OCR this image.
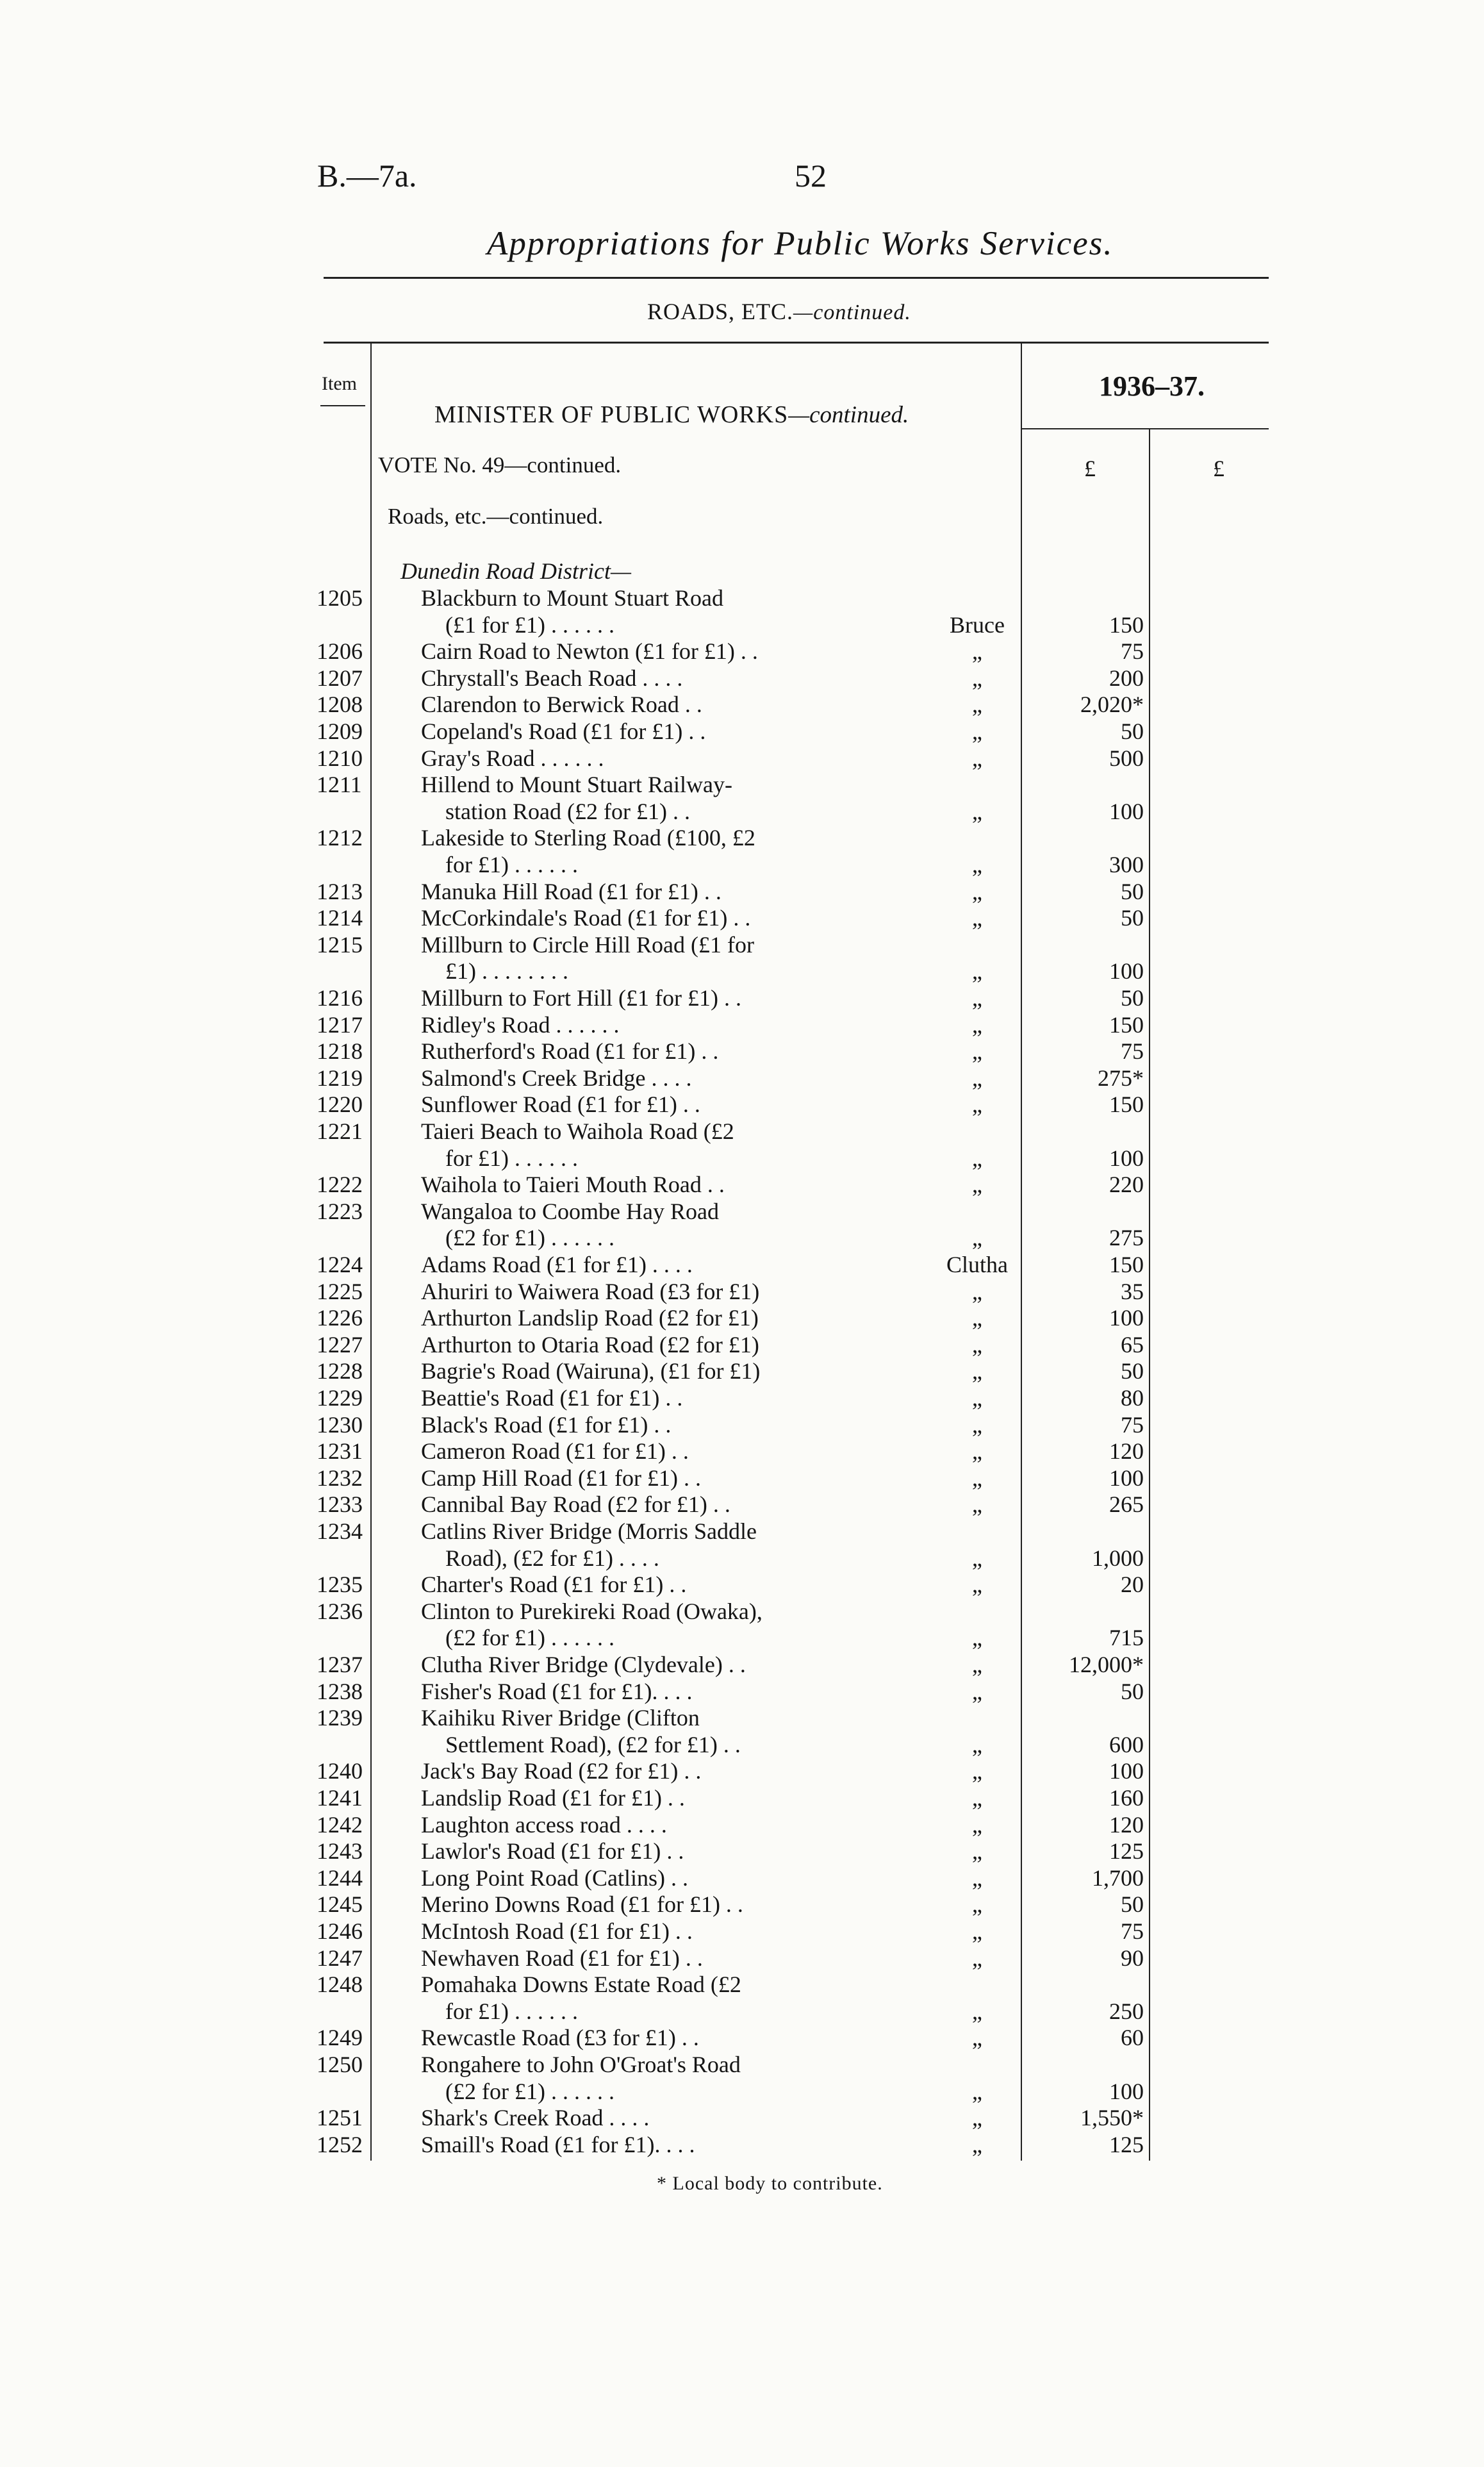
B.—7a.	52
Appropriations for Public Works Services.
ROADS, ETC.—continued.
Item	1936–37.
MINISTER OF PUBLIC WORKS—continued.
VOTE No. 49—continued.	£	£
Roads, etc.—continued.
Dunedin Road District—
1205	Blackburn to Mount Stuart Road
(£1 for £1) . . . . . .	Bruce	150
1206	Cairn Road to Newton (£1 for £1) . .	„	75
1207	Chrystall's Beach Road . . . .	„	200
1208	Clarendon to Berwick Road . .	„	2,020*
1209	Copeland's Road (£1 for £1) . .	„	50
1210	Gray's Road . . . . . .	„	500
1211	Hillend to Mount Stuart Railway-
station Road (£2 for £1) . .	„	100
1212	Lakeside to Sterling Road (£100, £2
for £1) . . . . . .	„	300
1213	Manuka Hill Road (£1 for £1) . .	„	50
1214	McCorkindale's Road (£1 for £1) . .	„	50
1215	Millburn to Circle Hill Road (£1 for
£1) . . . . . . . .	„	100
1216	Millburn to Fort Hill (£1 for £1) . .	„	50
1217	Ridley's Road . . . . . .	„	150
1218	Rutherford's Road (£1 for £1) . .	„	75
1219	Salmond's Creek Bridge . . . .	„	275*
1220	Sunflower Road (£1 for £1) . .	„	150
1221	Taieri Beach to Waihola Road (£2
for £1) . . . . . .	„	100
1222	Waihola to Taieri Mouth Road . .	„	220
1223	Wangaloa to Coombe Hay Road
(£2 for £1) . . . . . .	„	275
1224	Adams Road (£1 for £1) . . . .	Clutha	150
1225	Ahuriri to Waiwera Road (£3 for £1)	„	35
1226	Arthurton Landslip Road (£2 for £1)	„	100
1227	Arthurton to Otaria Road (£2 for £1)	„	65
1228	Bagrie's Road (Wairuna), (£1 for £1)	„	50
1229	Beattie's Road (£1 for £1) . .	„	80
1230	Black's Road (£1 for £1) . .	„	75
1231	Cameron Road (£1 for £1) . .	„	120
1232	Camp Hill Road (£1 for £1) . .	„	100
1233	Cannibal Bay Road (£2 for £1) . .	„	265
1234	Catlins River Bridge (Morris Saddle
Road), (£2 for £1) . . . .	„	1,000
1235	Charter's Road (£1 for £1) . .	„	20
1236	Clinton to Purekireki Road (Owaka),
(£2 for £1) . . . . . .	„	715
1237	Clutha River Bridge (Clydevale) . .	„	12,000*
1238	Fisher's Road (£1 for £1). . . .	„	50
1239	Kaihiku River Bridge (Clifton
Settlement Road), (£2 for £1) . .	„	600
1240	Jack's Bay Road (£2 for £1) . .	„	100
1241	Landslip Road (£1 for £1) . .	„	160
1242	Laughton access road . . . .	„	120
1243	Lawlor's Road (£1 for £1) . .	„	125
1244	Long Point Road (Catlins) . .	„	1,700
1245	Merino Downs Road (£1 for £1) . .	„	50
1246	McIntosh Road (£1 for £1) . .	„	75
1247	Newhaven Road (£1 for £1) . .	„	90
1248	Pomahaka Downs Estate Road (£2
for £1) . . . . . .	„	250
1249	Rewcastle Road (£3 for £1) . .	„	60
1250	Rongahere to John O'Groat's Road
(£2 for £1) . . . . . .	„	100
1251	Shark's Creek Road . . . .	„	1,550*
1252	Smaill's Road (£1 for £1). . . .	„	125
* Local body to contribute.
